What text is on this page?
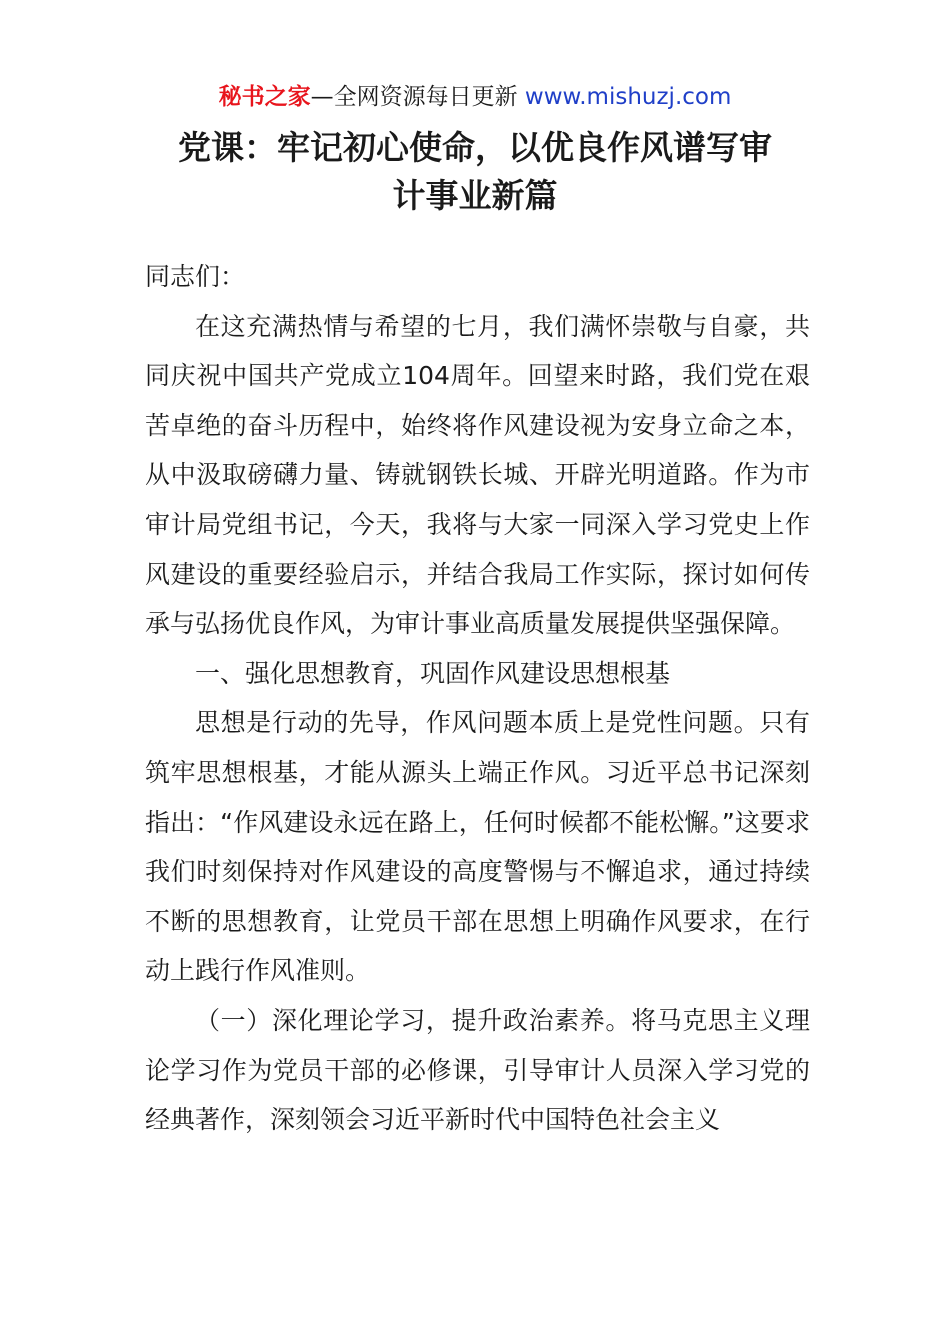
秘书之家—全网资源每日更新 www.mishuzj.com
党课：牢记初心使命，以优良作风谱写审
计事业新篇

同志们：

在这充满热情与希望的七月，我们满怀崇敬与自豪，共同庆祝中国共产党成立104周年。回望来时路，我们党在艰苦卓绝的奋斗历程中，始终将作风建设视为安身立命之本，从中汲取磅礴力量、铸就钢铁长城、开辟光明道路。作为市审计局党组书记，今天，我将与大家一同深入学习党史上作风建设的重要经验启示，并结合我局工作实际，探讨如何传承与弘扬优良作风，为审计事业高质量发展提供坚强保障。

一、强化思想教育，巩固作风建设思想根基

思想是行动的先导，作风问题本质上是党性问题。只有筑牢思想根基，才能从源头上端正作风。习近平总书记深刻指出：“作风建设永远在路上，任何时候都不能松懈。”这要求我们时刻保持对作风建设的高度警惕与不懈追求，通过持续不断的思想教育，让党员干部在思想上明确作风要求，在行动上践行作风准则。

（一）深化理论学习，提升政治素养。将马克思主义理论学习作为党员干部的必修课，引导审计人员深入学习党的经典著作，深刻领会习近平新时代中国特色社会主义
